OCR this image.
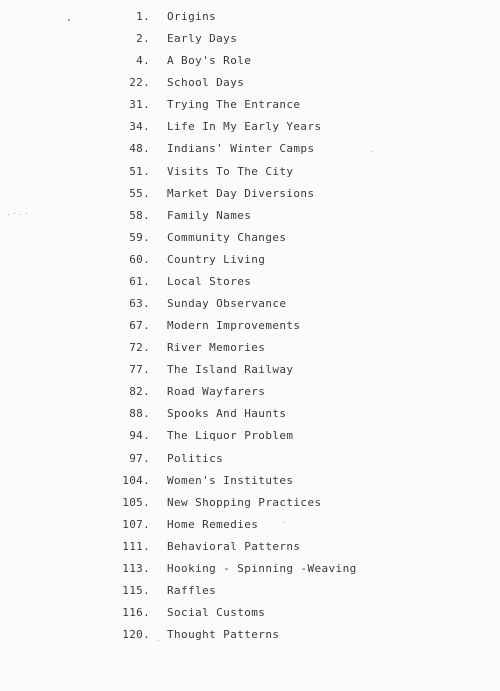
1. Origins
2. Early Days
4. A Boy's Role
22. School Days
31. Trying The Entrance
34. Life In My Early Years
48. Indians' Winter Camps
51. Visits To The City
55. Market Day Diversions
58. Family Names
59. Community Changes
60. Country Living
61. Local Stores
63. Sunday Observance
67. Modern Improvements
72. River Memories
77. The Island Railway
82. Road Wayfarers
88. Spooks And Haunts
94. The Liquor Problem
97. Politics
104. Women's Institutes
105. New Shopping Practices
107. Home Remedies
111. Behavioral Patterns
113. Hooking - Spinning -Weaving
115. Raffles
116. Social Customs
120. Thought Patterns
